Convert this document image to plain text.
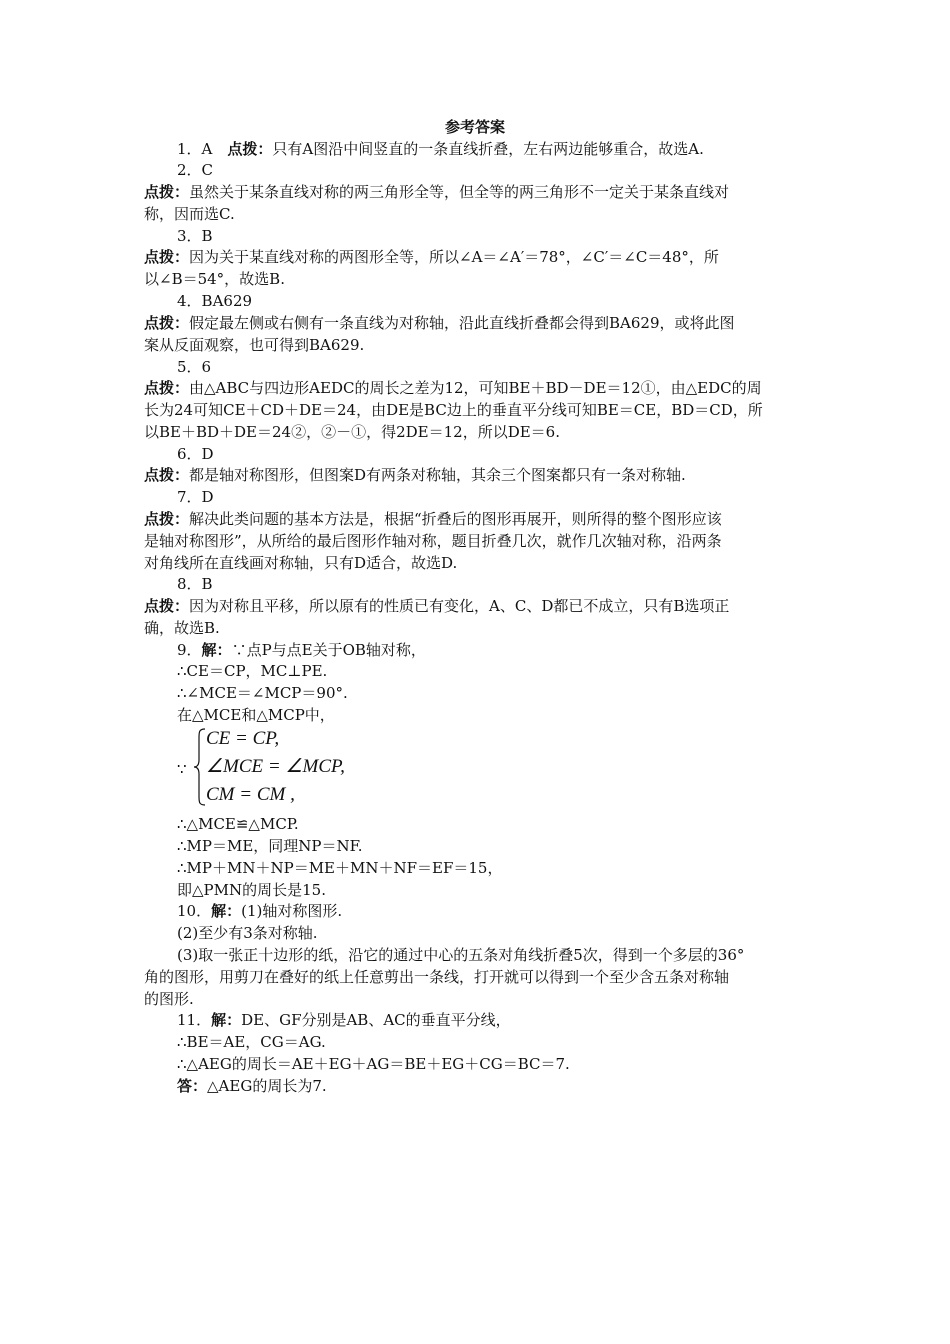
参考答案
1．A　点拨：只有A图沿中间竖直的一条直线折叠，左右两边能够重合，故选A.
2．C
点拨：虽然关于某条直线对称的两三角形全等，但全等的两三角形不一定关于某条直线对
称，因而选C.
3．B
点拨：因为关于某直线对称的两图形全等，所以∠A＝∠A′＝78°，∠C′＝∠C＝48°，所
以∠B＝54°，故选B.
4．BA629
点拨：假定最左侧或右侧有一条直线为对称轴，沿此直线折叠都会得到BA629，或将此图
案从反面观察，也可得到BA629.
5．6
点拨：由△ABC与四边形AEDC的周长之差为12，可知BE＋BD－DE＝12①，由△EDC的周
长为24可知CE＋CD＋DE＝24，由DE是BC边上的垂直平分线可知BE＝CE，BD＝CD，所
以BE＋BD＋DE＝24②，②－①，得2DE＝12，所以DE＝6.
6．D
点拨：都是轴对称图形，但图案D有两条对称轴，其余三个图案都只有一条对称轴.
7．D
点拨：解决此类问题的基本方法是，根据“折叠后的图形再展开，则所得的整个图形应该
是轴对称图形”，从所给的最后图形作轴对称，题目折叠几次，就作几次轴对称，沿两条
对角线所在直线画对称轴，只有D适合，故选D.
8．B
点拨：因为对称且平移，所以原有的性质已有变化，A、C、D都已不成立，只有B选项正
确，故选B.
9．解：∵点P与点E关于OB轴对称，
∴CE＝CP，MC⊥PE.
∴∠MCE＝∠MCP＝90°.
在△MCE和△MCP中，
∵
CE = CP,
∠MCE = ∠MCP,
CM = CM ,
∴△MCE≌△MCP.
∴MP＝ME，同理NP＝NF.
∴MP＋MN＋NP＝ME＋MN＋NF＝EF＝15，
即△PMN的周长是15.
10．解：(1)轴对称图形.
(2)至少有3条对称轴.
(3)取一张正十边形的纸，沿它的通过中心的五条对角线折叠5次，得到一个多层的36°
角的图形，用剪刀在叠好的纸上任意剪出一条线，打开就可以得到一个至少含五条对称轴
的图形.
11．解：DE、GF分别是AB、AC的垂直平分线，
∴BE＝AE，CG＝AG.
∴△AEG的周长＝AE＋EG＋AG＝BE＋EG＋CG＝BC＝7.
答：△AEG的周长为7.
